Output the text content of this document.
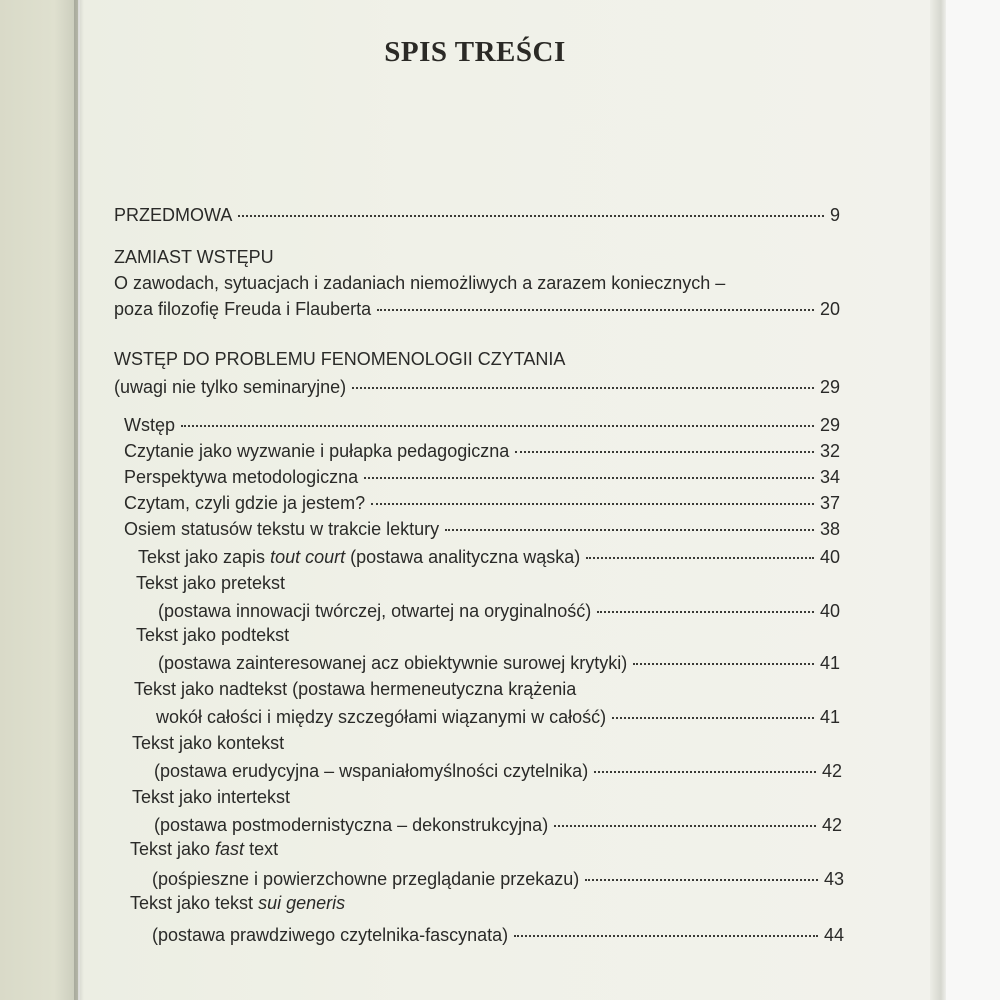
SPIS TREŚCI
PRZEDMOWA	9
ZAMIAST WSTĘPU
O zawodach, sytuacjach i zadaniach niemożliwych a zarazem koniecznych –
poza filozofię Freuda i Flauberta	20
WSTĘP DO PROBLEMU FENOMENOLOGII CZYTANIA
(uwagi nie tylko seminaryjne)	29
Wstęp	29
Czytanie jako wyzwanie i pułapka pedagogiczna	32
Perspektywa metodologiczna	34
Czytam, czyli gdzie ja jestem?	37
Osiem statusów tekstu w trakcie lektury	38
Tekst jako zapis tout court (postawa analityczna wąska)	40
Tekst jako pretekst
(postawa innowacji twórczej, otwartej na oryginalność)	40
Tekst jako podtekst
(postawa zainteresowanej acz obiektywnie surowej krytyki)	41
Tekst jako nadtekst (postawa hermeneutyczna krążenia
wokół całości i między szczegółami wiązanymi w całość)	41
Tekst jako kontekst
(postawa erudycyjna – wspaniałomyślności czytelnika)	42
Tekst jako intertekst
(postawa postmodernistyczna – dekonstrukcyjna)	42
Tekst jako fast text
(pośpieszne i powierzchowne przeglądanie przekazu)	43
Tekst jako tekst sui generis
(postawa prawdziwego czytelnika-fascynata)	44
